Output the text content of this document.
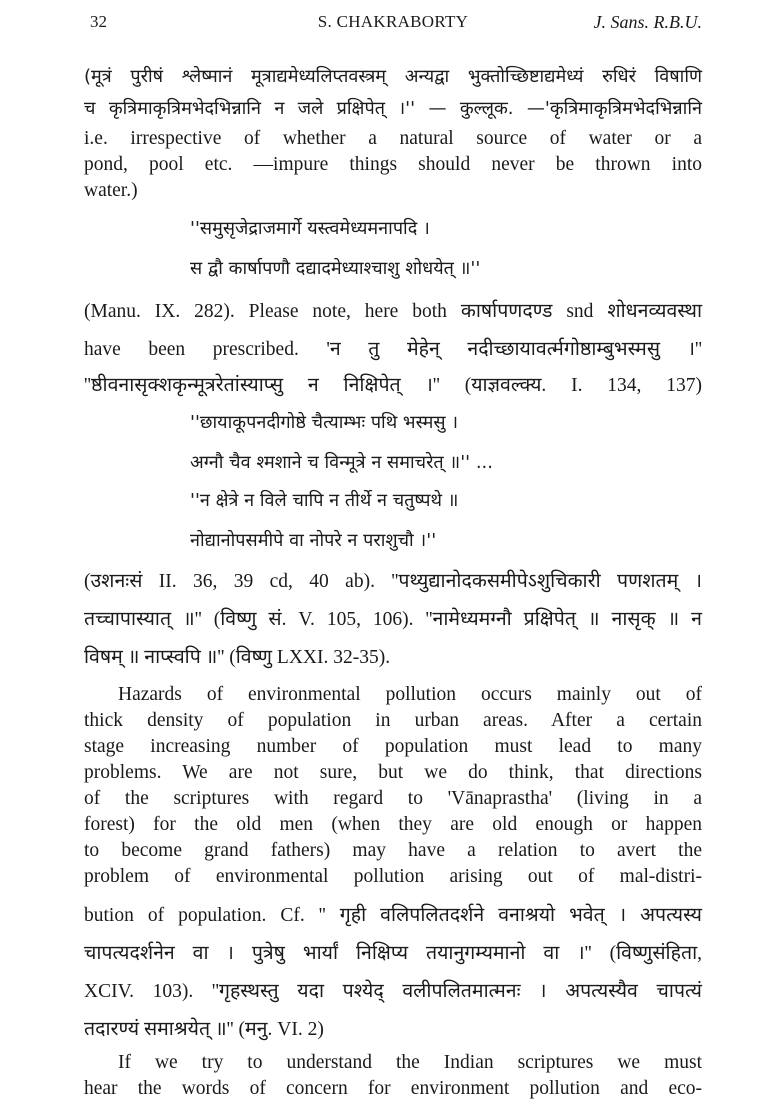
32	S. CHAKRABORTY	J. Sans. R.B.U.
(मूत्रं पुरीषं श्लेष्मानं मूत्राद्यमेध्यलिप्तवस्त्रम् अन्यद्वा भुक्तोच्छिष्टाद्यमेध्यं रुधिरं विषाणि
च कृत्रिमाकृत्रिमभेदभिन्नानि न जले प्रक्षिपेत् ।'' — कुल्लूक. —'कृत्रिमाकृत्रिमभेदभिन्नानि
i.e. irrespective of whether a natural source of water or a
pond, pool etc. —impure things should never be thrown into
water.)
''समुसृजेद्राजमार्गे यस्त्वमेध्यमनापदि ।
स द्वौ कार्षापणौ दद्यादमेध्याश्चाशु शोधयेत् ॥''
(Manu. IX. 282). Please note, here both कार्षापणदण्ड snd शोधनव्यवस्था
have been prescribed. 'न तु मेहेन् नदीच्छायावर्त्मगोष्ठाम्बुभस्मसु ।''
''ष्ठीवनासृक्शकृन्मूत्ररेतांस्याप्सु न निक्षिपेत् ।'' (याज्ञवल्क्य. I. 134, 137)
''छायाकूपनदीगोष्ठे चैत्याम्भः पथि भस्मसु ।
अग्नौ चैव श्मशाने च विन्मूत्रे न समाचरेत् ॥'' ...
''न क्षेत्रे न विले चापि न तीर्थे न चतुष्पथे ॥
नोद्यानोपसमीपे वा नोपरे न पराशुचौ ।''
(उशनःसं II. 36, 39 cd, 40 ab). ''पथ्युद्यानोदकसमीपेऽशुचिकारी पणशतम् ।
तच्चापास्यात् ॥'' (विष्णु सं. V. 105, 106). ''नामेध्यमग्नौ प्रक्षिपेत् ॥ नासृक् ॥ न
विषम् ॥ नाप्स्वपि ॥'' (विष्णु LXXI. 32-35).
Hazards of environmental pollution occurs mainly out of
thick density of population in urban areas. After a certain
stage increasing number of population must lead to many
problems. We are not sure, but we do think, that directions
of the scriptures with regard to 'Vānaprastha' (living in a
forest) for the old men (when they are old enough or happen
to become grand fathers) may have a relation to avert the
problem of environmental pollution arising out of mal-distri-
bution of population. Cf. '' गृही वलिपलितदर्शने वनाश्रयो भवेत् । अपत्यस्य
चापत्यदर्शनेन वा । पुत्रेषु भार्यां निक्षिप्य तयानुगम्यमानो वा ।'' (विष्णुसंहिता,
XCIV. 103). ''गृहस्थस्तु यदा पश्येद् वलीपलितमात्मनः । अपत्यस्यैव चापत्यं
तदारण्यं समाश्रयेत् ॥'' (मनु. VI. 2)
If we try to understand the Indian scriptures we must
hear the words of concern for environment pollution and eco-
